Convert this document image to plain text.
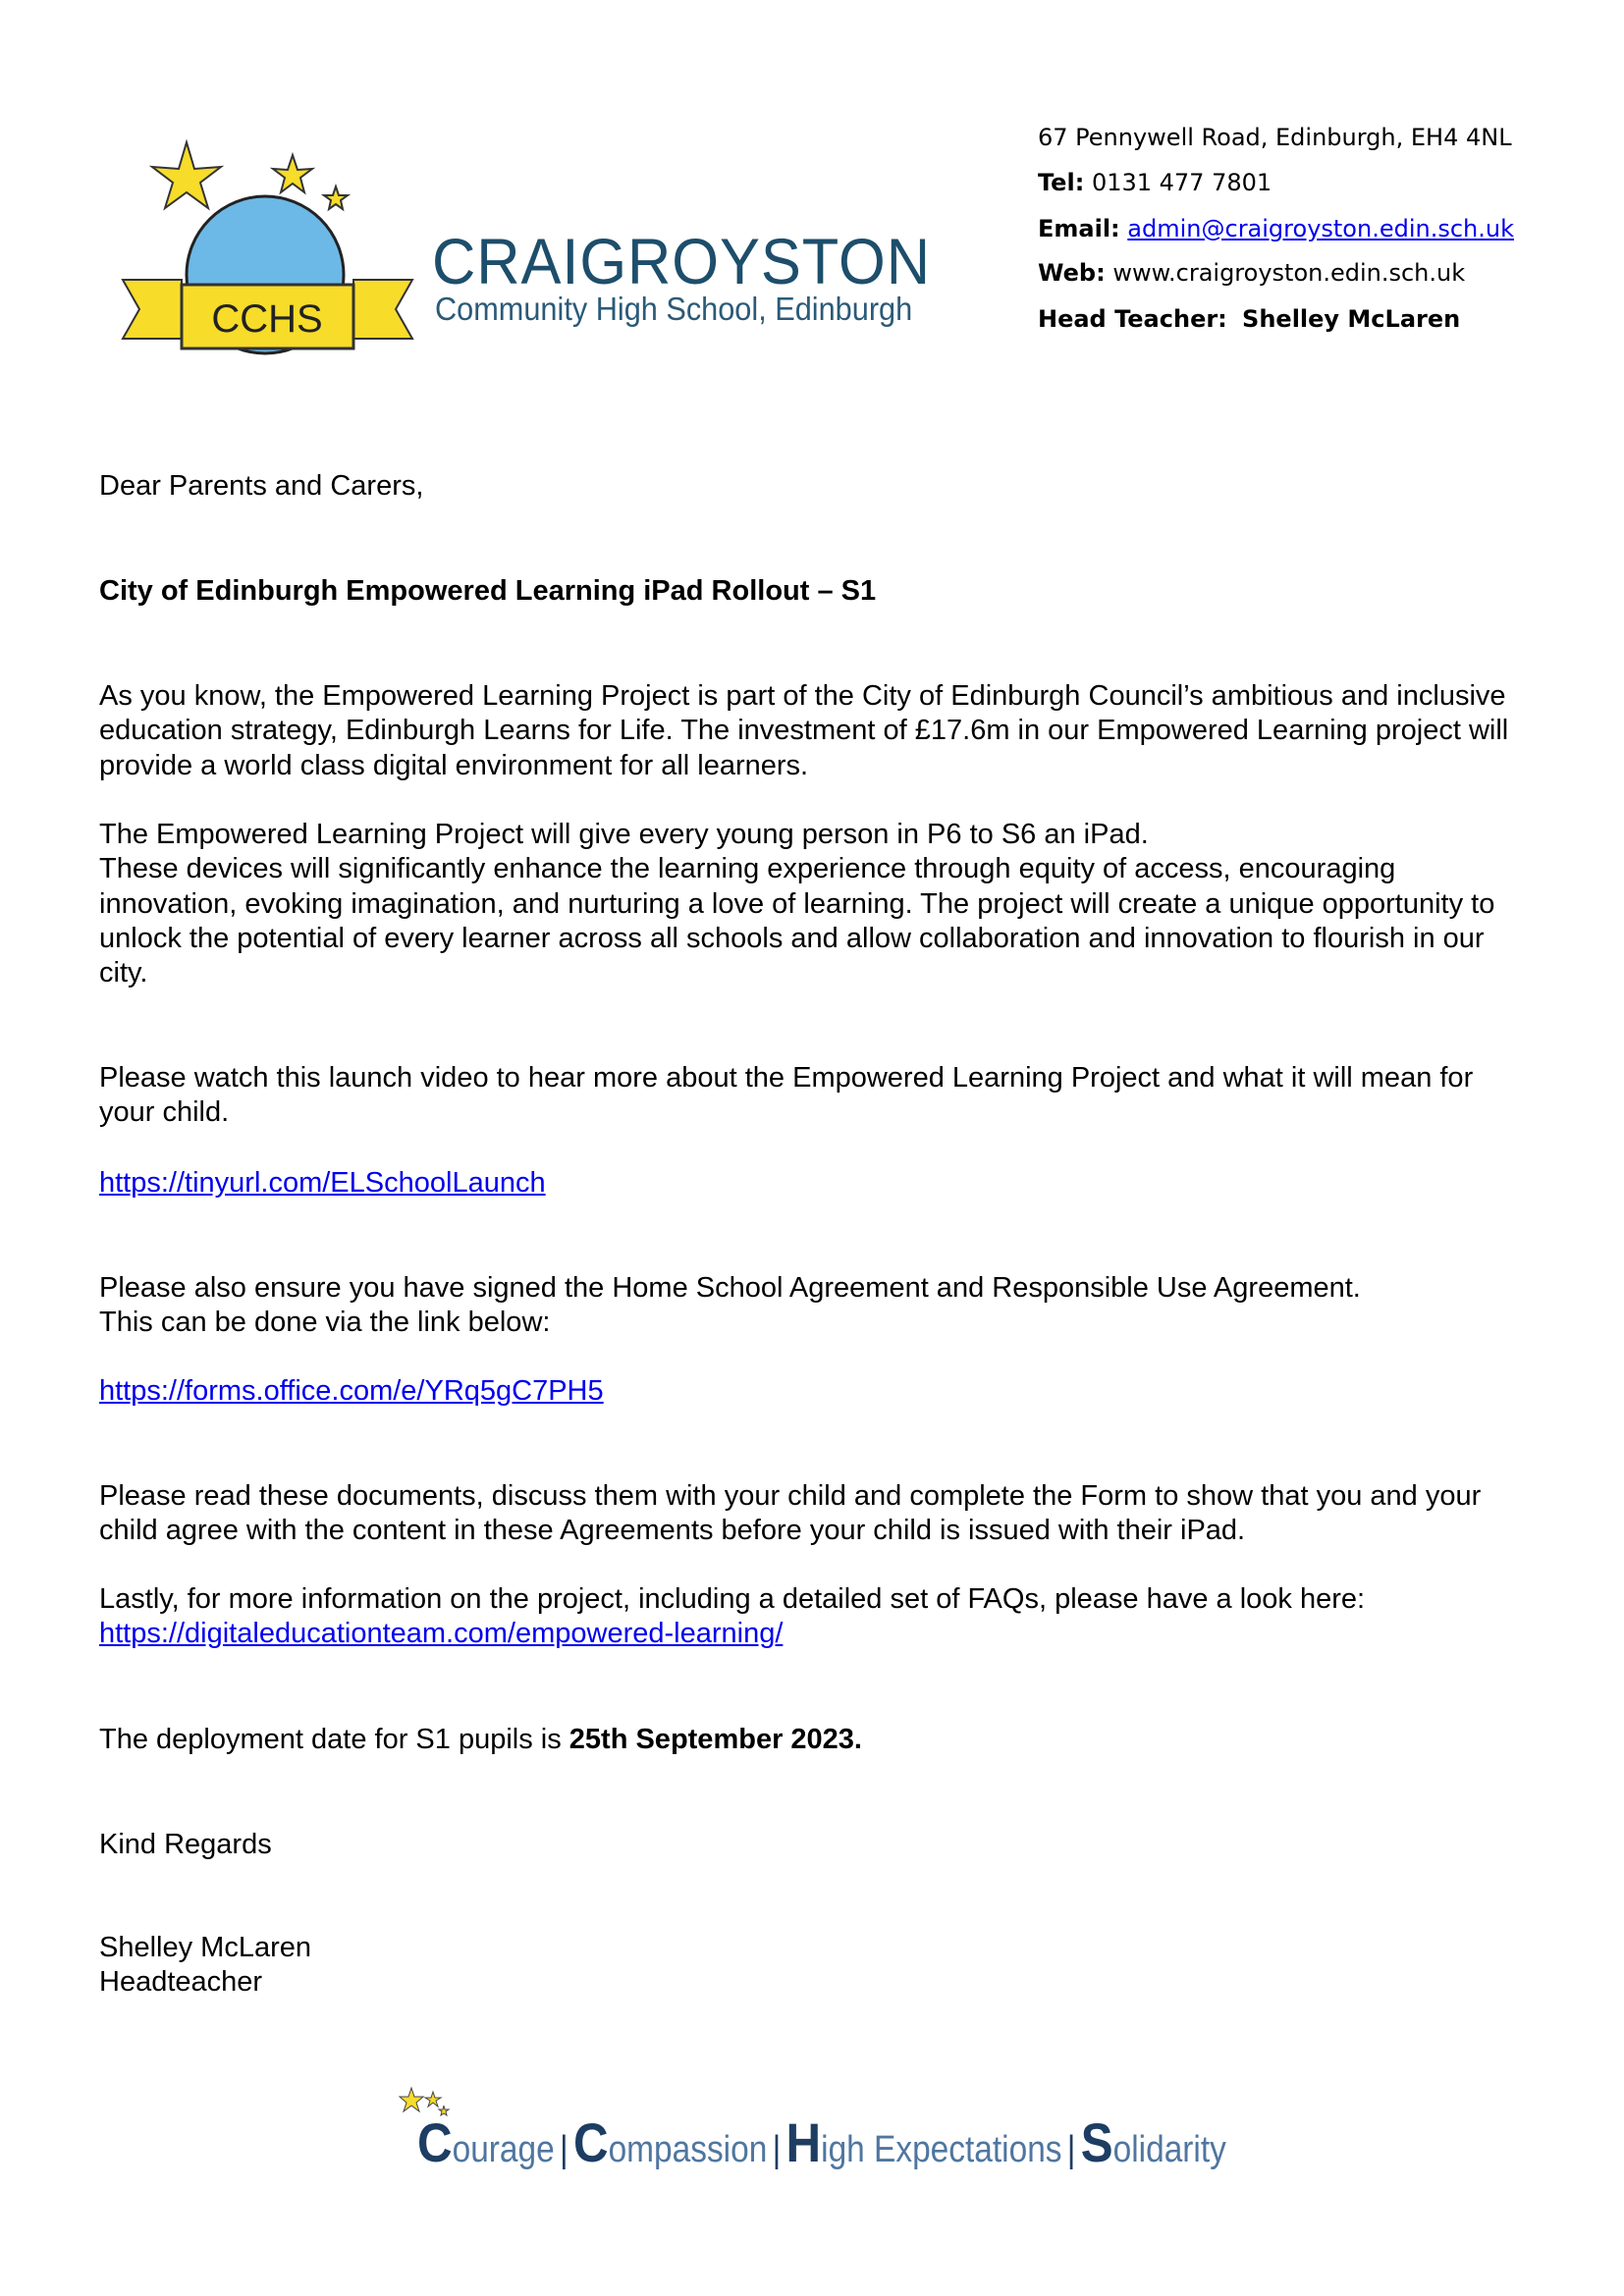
CCHS
CRAIGROYSTON
Community High School, Edinburgh
67 Pennywell Road, Edinburgh, EH4 4NL
Tel: 0131 477 7801
Email: admin@craigroyston.edin.sch.uk
Web: www.craigroyston.edin.sch.uk
Head Teacher: Shelley McLaren
Dear Parents and Carers,
City of Edinburgh Empowered Learning iPad Rollout – S1
As you know, the Empowered Learning Project is part of the City of Edinburgh Council’s ambitious and inclusive education strategy, Edinburgh Learns for Life. The investment of £17.6m in our Empowered Learning project will provide a world class digital environment for all learners.
The Empowered Learning Project will give every young person in P6 to S6 an iPad.
These devices will significantly enhance the learning experience through equity of access, encouraging innovation, evoking imagination, and nurturing a love of learning. The project will create a unique opportunity to unlock the potential of every learner across all schools and allow collaboration and innovation to flourish in our city.
Please watch this launch video to hear more about the Empowered Learning Project and what it will mean for your child.
https://tinyurl.com/ELSchoolLaunch
Please also ensure you have signed the Home School Agreement and Responsible Use Agreement.
This can be done via the link below:
https://forms.office.com/e/YRq5gC7PH5
Please read these documents, discuss them with your child and complete the Form to show that you and your child agree with the content in these Agreements before your child is issued with their iPad.
Lastly, for more information on the project, including a detailed set of FAQs, please have a look here:
https://digitaleducationteam.com/empowered-learning/
The deployment date for S1 pupils is 25th September 2023.
Kind Regards
Shelley McLaren
Headteacher
Courage |Compassion |High Expectations |Solidarity
